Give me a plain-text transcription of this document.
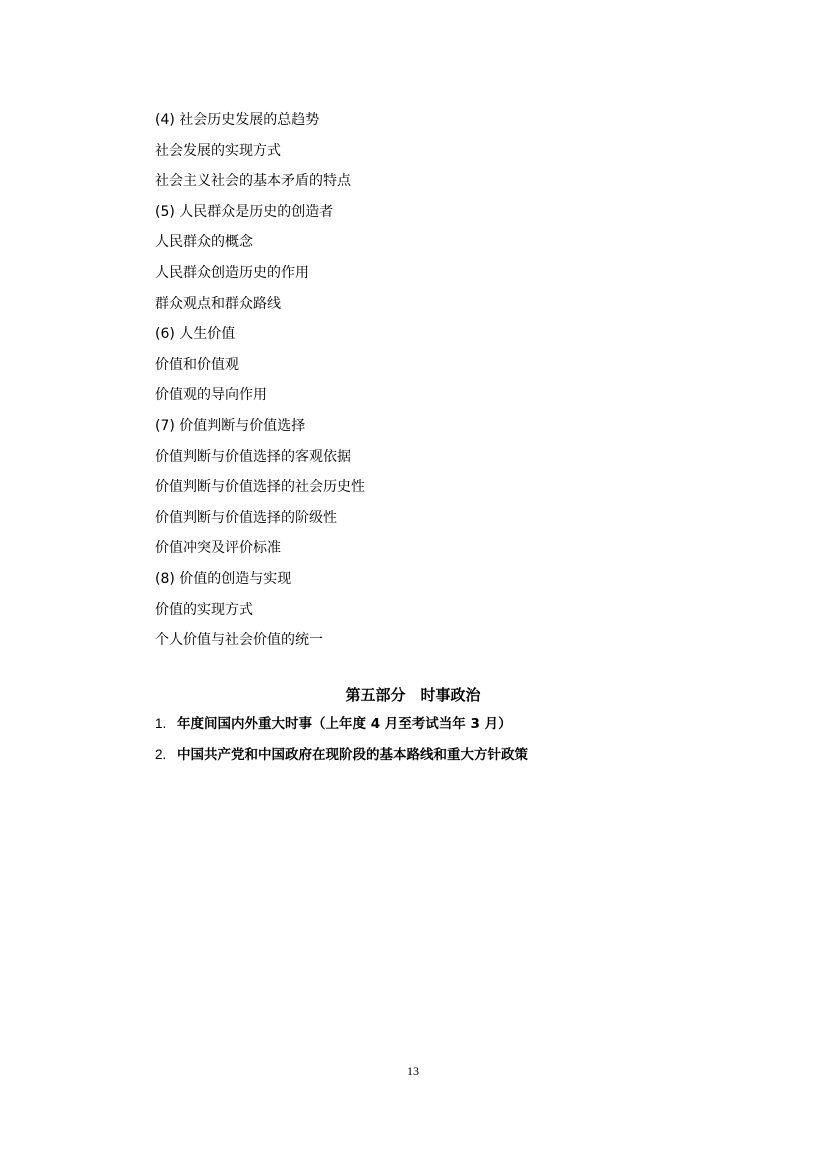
(4) 社会历史发展的总趋势
社会发展的实现方式
社会主义社会的基本矛盾的特点
(5) 人民群众是历史的创造者
人民群众的概念
人民群众创造历史的作用
群众观点和群众路线
(6) 人生价值
价值和价值观
价值观的导向作用
(7) 价值判断与价值选择
价值判断与价值选择的客观依据
价值判断与价值选择的社会历史性
价值判断与价值选择的阶级性
价值冲突及评价标准
(8) 价值的创造与实现
价值的实现方式
个人价值与社会价值的统一
第五部分　时事政治
1. 年度间国内外重大时事（上年度 4 月至考试当年 3 月）
2. 中国共产党和中国政府在现阶段的基本路线和重大方针政策
13
